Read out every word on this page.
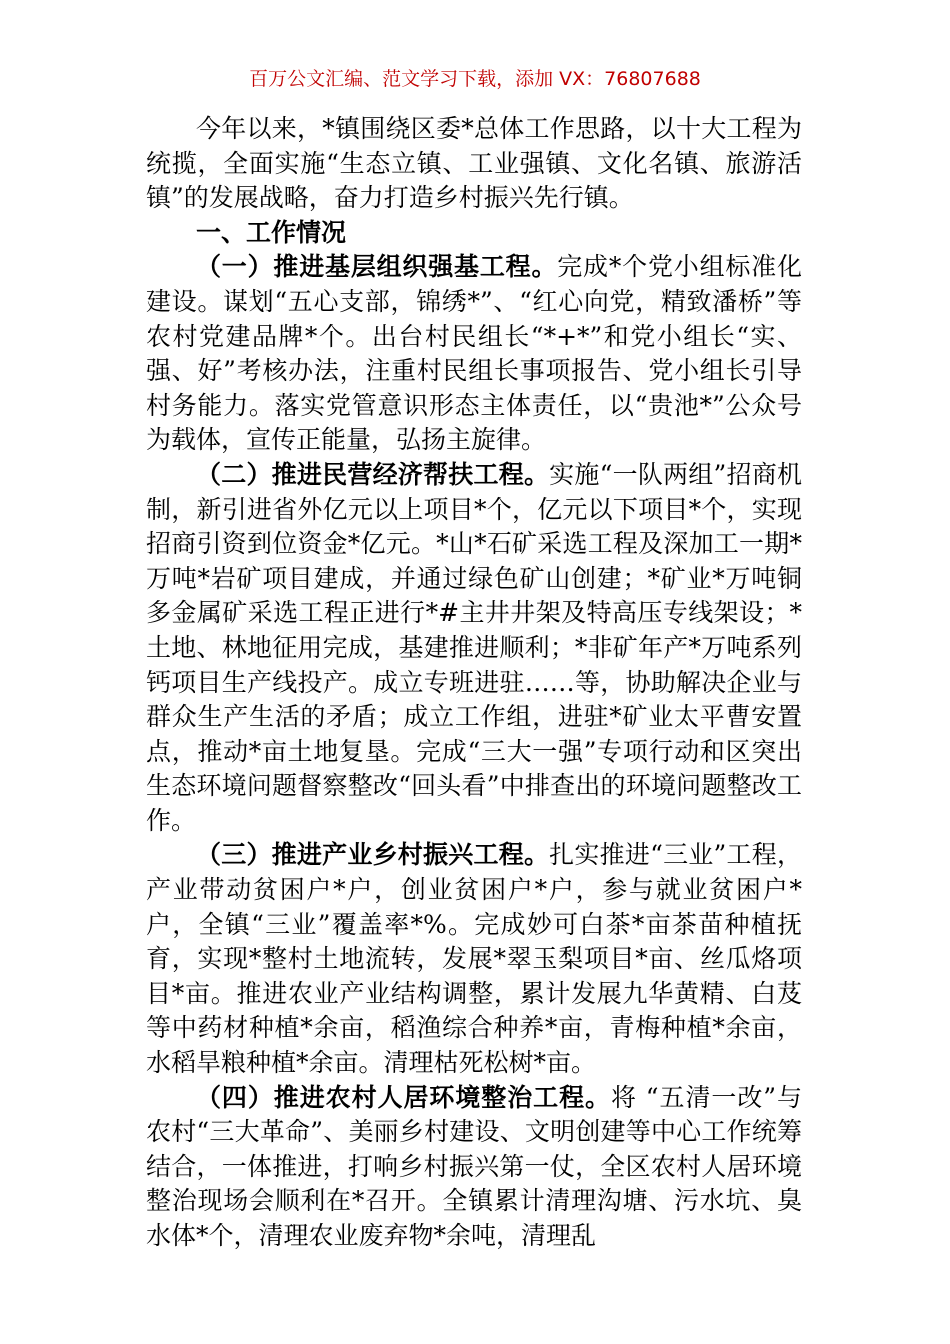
百万公文汇编、范文学习下载，添加 VX：76807688

今年以来，*镇围绕区委*总体工作思路，以十大工程为统揽，全面实施“生态立镇、工业强镇、文化名镇、旅游活镇”的发展战略，奋力打造乡村振兴先行镇。

一、工作情况

（一）推进基层组织强基工程。完成*个党小组标准化建设。谋划“五心支部，锦绣*”、“红心向党，精致潘桥”等农村党建品牌*个。出台村民组长“*+*”和党小组长“实、强、好”考核办法，注重村民组长事项报告、党小组长引导村务能力。落实党管意识形态主体责任，以“贵池*”公众号为载体，宣传正能量，弘扬主旋律。

（二）推进民营经济帮扶工程。实施“一队两组”招商机制，新引进省外亿元以上项目*个，亿元以下项目*个，实现招商引资到位资金*亿元。*山*石矿采选工程及深加工一期*万吨*岩矿项目建成，并通过绿色矿山创建；*矿业*万吨铜多金属矿采选工程正进行*#主井井架及特高压专线架设；*土地、林地征用完成，基建推进顺利；*非矿年产*万吨系列钙项目生产线投产。成立专班进驻……等，协助解决企业与群众生产生活的矛盾；成立工作组，进驻*矿业太平曹安置点，推动*亩土地复垦。完成“三大一强”专项行动和区突出生态环境问题督察整改“回头看”中排查出的环境问题整改工作。

（三）推进产业乡村振兴工程。扎实推进“三业”工程，产业带动贫困户*户，创业贫困户*户，参与就业贫困户*户，全镇“三业”覆盖率*%。完成妙可白茶*亩茶苗种植抚育，实现*整村土地流转，发展*翠玉梨项目*亩、丝瓜烙项目*亩。推进农业产业结构调整，累计发展九华黄精、白芨等中药材种植*余亩，稻渔综合种养*亩，青梅种植*余亩，水稻旱粮种植*余亩。清理枯死松树*亩。

（四）推进农村人居环境整治工程。将 “五清一改”与农村“三大革命”、美丽乡村建设、文明创建等中心工作统筹结合，一体推进，打响乡村振兴第一仗，全区农村人居环境整治现场会顺利在*召开。全镇累计清理沟塘、污水坑、臭水体*个，清理农业废弃物*余吨，清理乱
